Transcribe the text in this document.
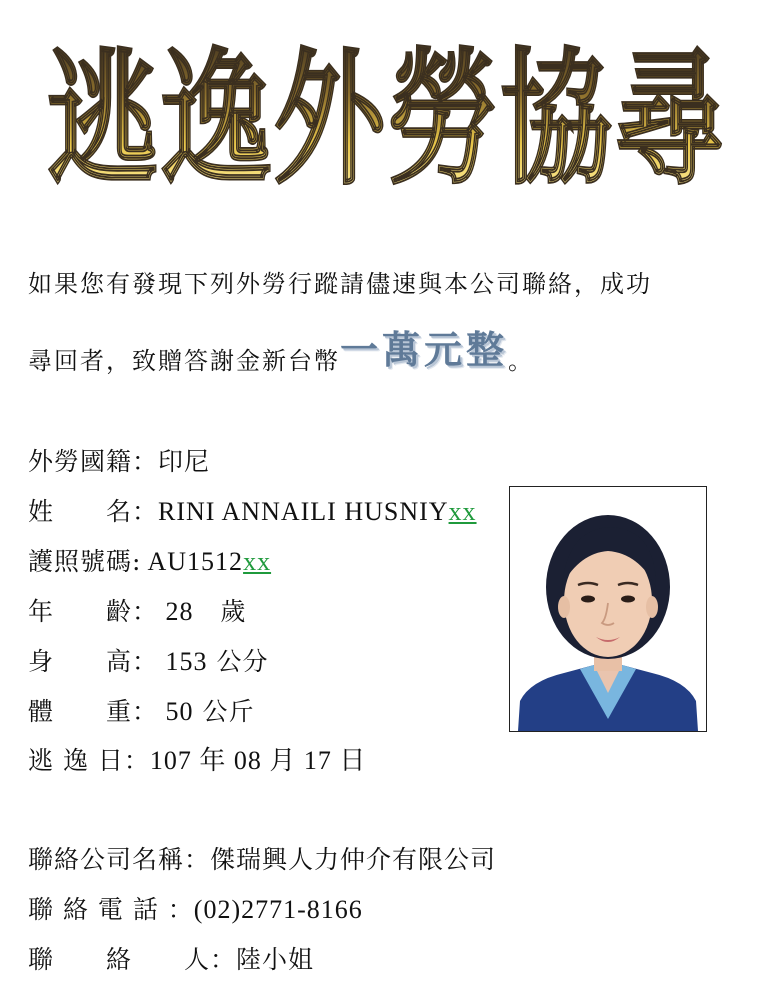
逃逸外勞協尋
如果您有發現下列外勞行蹤請儘速與本公司聯絡，成功
尋回者，致贈答謝金新台幣一萬元整。
外勞國籍：印尼
姓　　名：RINI ANNAILI HUSNIYxx
護照號碼: AU1512xx
年　　齡： 28 歲
身　　高： 153 公分
體　　重： 50 公斤
逃 逸 日：107 年 08 月 17 日
聯絡公司名稱：傑瑞興人力仲介有限公司
聯 絡 電 話 ：(02)2771-8166
聯　　絡　　人：陸小姐
